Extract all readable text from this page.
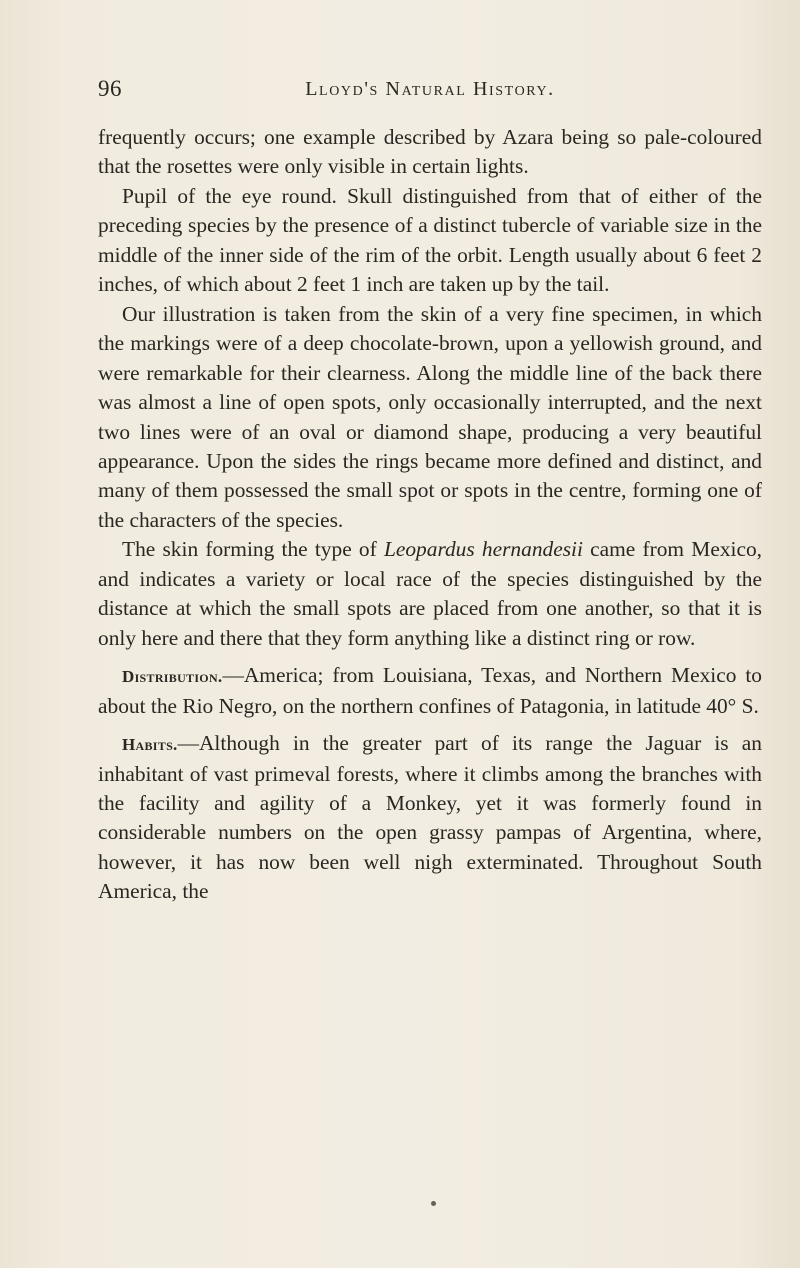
96	Lloyd's Natural History.

frequently occurs; one example described by Azara being so pale-coloured that the rosettes were only visible in certain lights.

Pupil of the eye round. Skull distinguished from that of either of the preceding species by the presence of a distinct tubercle of variable size in the middle of the inner side of the rim of the orbit. Length usually about 6 feet 2 inches, of which about 2 feet 1 inch are taken up by the tail.

Our illustration is taken from the skin of a very fine specimen, in which the markings were of a deep chocolate-brown, upon a yellowish ground, and were remarkable for their clearness. Along the middle line of the back there was almost a line of open spots, only occasionally interrupted, and the next two lines were of an oval or diamond shape, producing a very beautiful appearance. Upon the sides the rings became more defined and distinct, and many of them possessed the small spot or spots in the centre, forming one of the characters of the species.

The skin forming the type of Leopardus hernandesii came from Mexico, and indicates a variety or local race of the species distinguished by the distance at which the small spots are placed from one another, so that it is only here and there that they form anything like a distinct ring or row.

Distribution.—America; from Louisiana, Texas, and Northern Mexico to about the Rio Negro, on the northern confines of Patagonia, in latitude 40° S.

Habits.—Although in the greater part of its range the Jaguar is an inhabitant of vast primeval forests, where it climbs among the branches with the facility and agility of a Monkey, yet it was formerly found in considerable numbers on the open grassy pampas of Argentina, where, however, it has now been well nigh exterminated. Throughout South America, the
